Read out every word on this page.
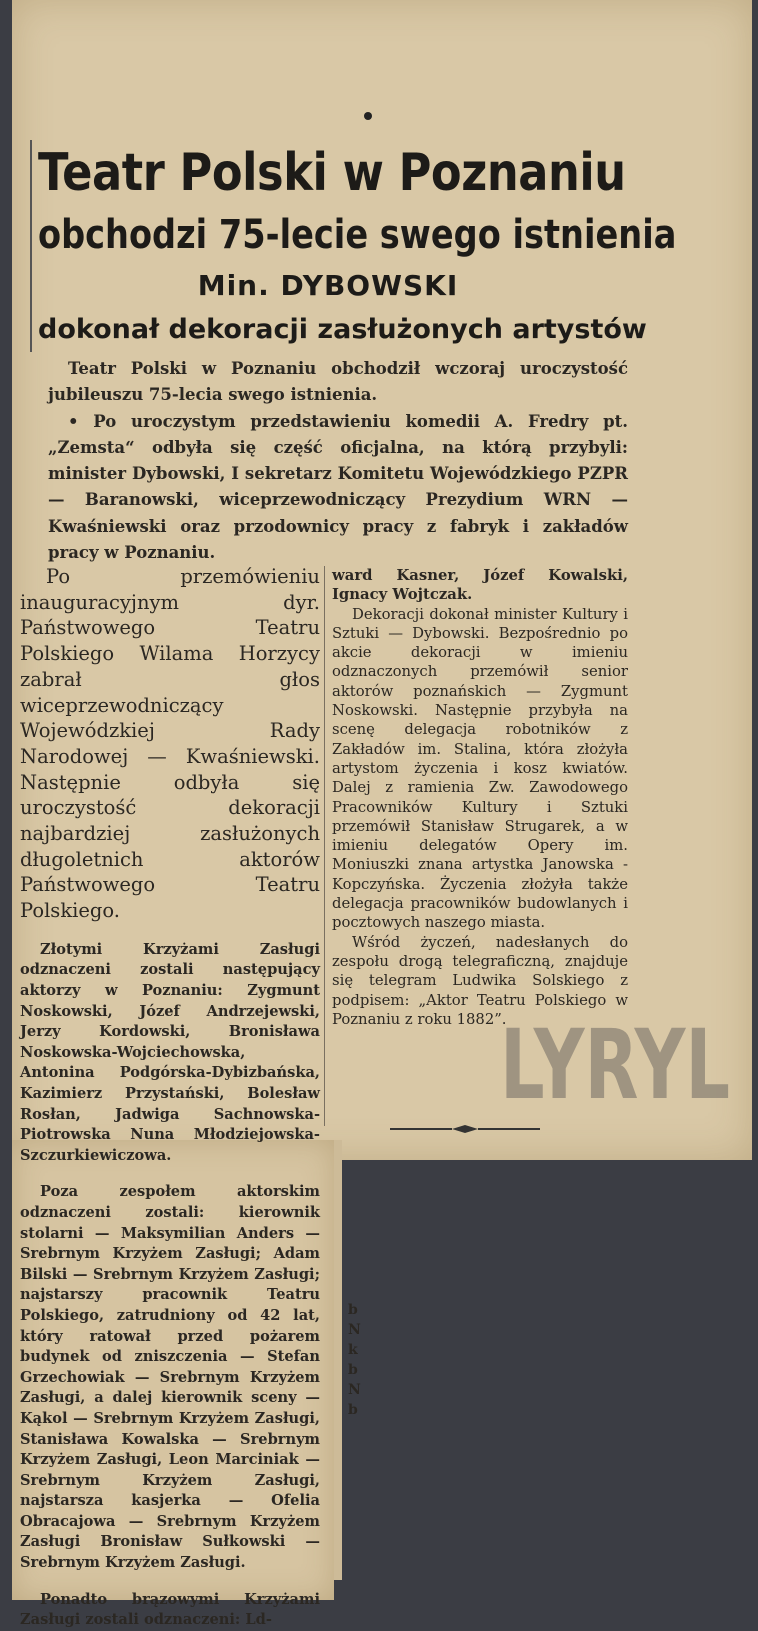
Teatr Polski w Poznaniu
obchodzi 75-lecie swego istnienia
Min. DYBOWSKI
dokonał dekoracji zasłużonych artystów

Teatr Polski w Poznaniu obchodził wczoraj uroczystość jubileuszu 75-lecia swego istnienia.

• Po uroczystym przedstawieniu komedii A. Fredry pt. „Zemsta“ odbyła się część oficjalna, na którą przybyli: minister Dybowski, I sekretarz Komitetu Wojewódzkiego PZPR — Baranowski, wiceprzewodniczący Prezydium WRN — Kwaśniewski oraz przodownicy pracy z fabryk i zakładów pracy w Poznaniu.

Po przemówieniu inauguracyjnym dyr. Państwowego Teatru Polskiego Wilama Horzycy zabrał głos wiceprzewodniczący Wojewódzkiej Rady Narodowej — Kwaśniewski. Następnie odbyła się uroczystość dekoracji najbardziej zasłużonych długoletnich aktorów Państwowego Teatru Polskiego.

Złotymi Krzyżami Zasługi odznaczeni zostali następujący aktorzy w Poznaniu: Zygmunt Noskowski, Józef Andrzejewski, Jerzy Kordowski, Bronisława Noskowska-Wojciechowska, Antonina Podgórska-Dybizbańska, Kazimierz Przystański, Bolesław Rosłan, Jadwiga Sachnowska-Piotrowska Nuna Młodziejowska-Szczurkiewiczowa.

Poza zespołem aktorskim odznaczeni zostali: kierownik stolarni — Maksymilian Anders — Srebrnym Krzyżem Zasługi; Adam Bilski — Srebrnym Krzyżem Zasługi; najstarszy pracownik Teatru Polskiego, zatrudniony od 42 lat, który ratował przed pożarem budynek od zniszczenia — Stefan Grzechowiak — Srebrnym Krzyżem Zasługi, a dalej kierownik sceny — Kąkol — Srebrnym Krzyżem Zasługi, Stanisława Kowalska — Srebrnym Krzyżem Zasługi, Leon Marciniak — Srebrnym Krzyżem Zasługi, najstarsza kasjerka — Ofelia Obracajowa — Srebrnym Krzyżem Zasługi Bronisław Sułkowski — Srebrnym Krzyżem Zasługi.

Ponadto brązowymi Krzyżami Zasługi zostali odznaczeni: Ld-

ward Kasner, Józef Kowalski, Ignacy Wojtczak.

Dekoracji dokonał minister Kultury i Sztuki — Dybowski. Bezpośrednio po akcie dekoracji w imieniu odznaczonych przemówił senior aktorów poznańskich — Zygmunt Noskowski. Następnie przybyła na scenę delegacja robotników z Zakładów im. Stalina, która złożyła artystom życzenia i kosz kwiatów. Dalej z ramienia Zw. Zawodowego Pracowników Kultury i Sztuki przemówił Stanisław Strugarek, a w imieniu delegatów Opery im. Moniuszki znana artystka Janowska - Kopczyńska. Życzenia złożyła także delegacja pracowników budowlanych i pocztowych naszego miasta.

Wśród życzeń, nadesłanych do zespołu drogą telegraficzną, znajduje się telegram Ludwika Solskiego z podpisem: „Aktor Teatru Polskiego w Poznaniu z roku 1882”.

LYRYL
b
N
k
b
N
b
